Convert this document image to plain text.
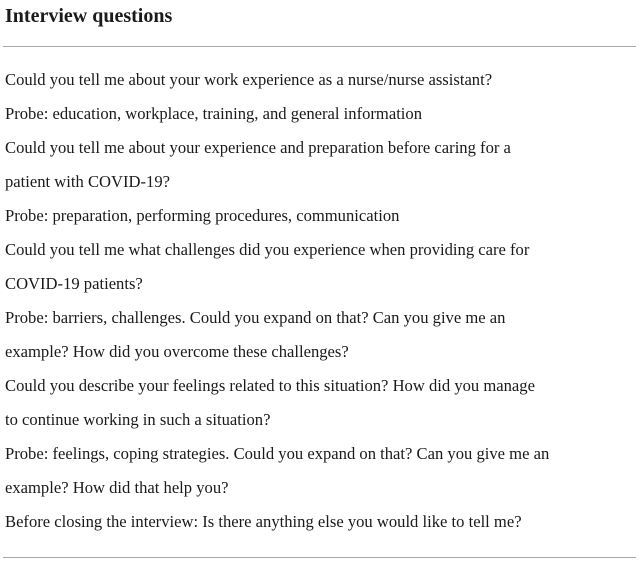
Interview questions
Could you tell me about your work experience as a nurse/nurse assistant?
Probe: education, workplace, training, and general information
Could you tell me about your experience and preparation before caring for a
patient with COVID-19?
Probe: preparation, performing procedures, communication
Could you tell me what challenges did you experience when providing care for
COVID-19 patients?
Probe: barriers, challenges. Could you expand on that? Can you give me an
example? How did you overcome these challenges?
Could you describe your feelings related to this situation? How did you manage
to continue working in such a situation?
Probe: feelings, coping strategies. Could you expand on that? Can you give me an
example? How did that help you?
Before closing the interview: Is there anything else you would like to tell me?
